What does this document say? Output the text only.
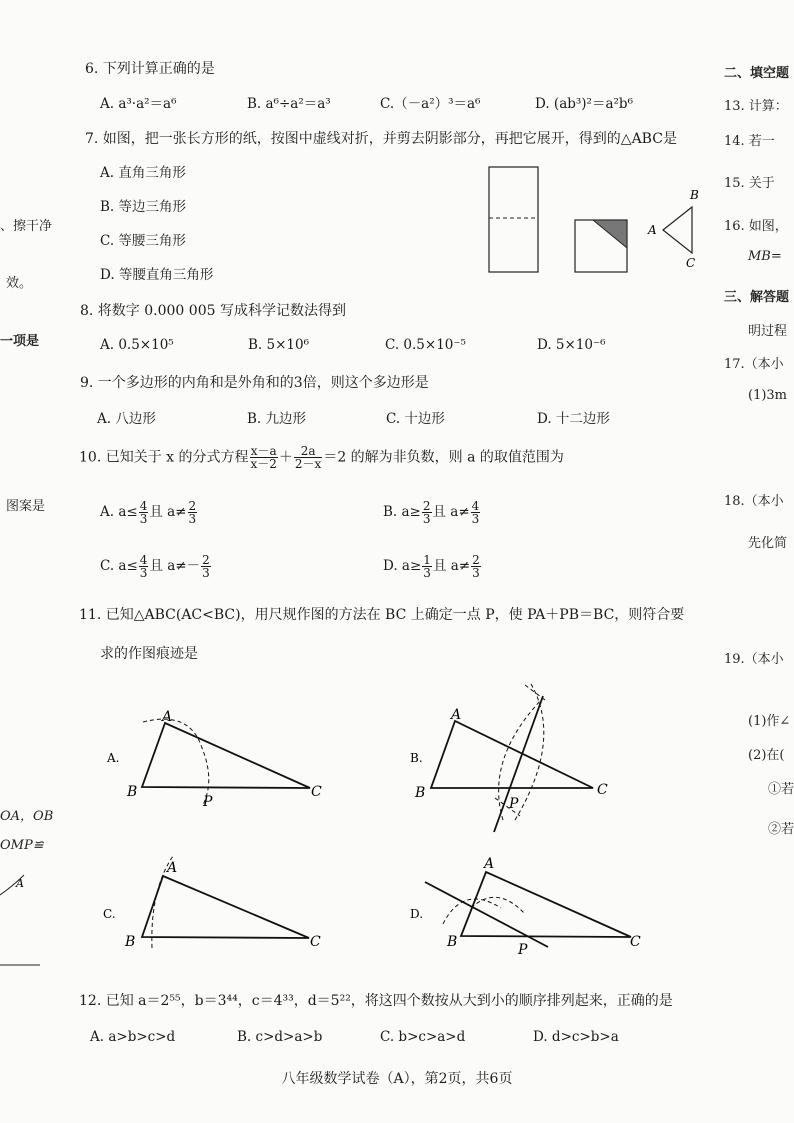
、擦干净
效。
一项是
图案是
OA，OB
OMP≌
A
二、填空题
13. 计算：
14. 若一
15. 关于
16. 如图，
MB=
三、解答题
明过程
17.（本小
(1)3m
18.（本小
先化简
19.（本小
(1)作∠
(2)在(
①若
②若
6. 下列计算正确的是
A. a³·a²＝a⁶	B. a⁶÷a²＝a³	C.（－a²）³＝a⁶	D. (ab³)²＝a²b⁶
7. 如图，把一张长方形的纸，按图中虚线对折，并剪去阴影部分，再把它展开，得到的△ABC是
A. 直角三角形
B. 等边三角形
C. 等腰三角形
D. 等腰直角三角形
A
B
C
8. 将数字 0.000 005 写成科学记数法得到
A. 0.5×10⁵	B. 5×10⁶	C. 0.5×10⁻⁵	D. 5×10⁻⁶
9. 一个多边形的内角和是外角和的3倍，则这个多边形是
A. 八边形	B. 九边形	C. 十边形	D. 十二边形
10. 已知关于 x 的分式方程 $\frac{x-a}{x-2} + \frac{2a}{2-x} =2$ 的解为非负数，则 a 的取值范围为
A. $a\le \frac{4}{3}$ 且 $a\ne \frac{2}{3}$	B. $a\ge \frac{2}{3}$ 且 $a\ne \frac{4}{3}$
C. $a\le \frac{4}{3}$ 且 $a\ne- \frac{2}{3}$	D. $a\ge \frac{1}{3}$ 且 $a\ne \frac{2}{3}$
11. 已知△ABC(AC<BC)，用尺规作图的方法在 BC 上确定一点 P，使 PA＋PB＝BC，则符合要
求的作图痕迹是
A.
A
B	C
P
B.
A
B	C
P
C.
A
B	C
D.
A
B	C
P
12. 已知 a＝2⁵⁵，b＝3⁴⁴，c＝4³³，d＝5²²，将这四个数按从大到小的顺序排列起来，正确的是
A. a>b>c>d	B. c>d>a>b	C. b>c>a>d	D. d>c>b>a
八年级数学试卷（A），第2页，共6页
